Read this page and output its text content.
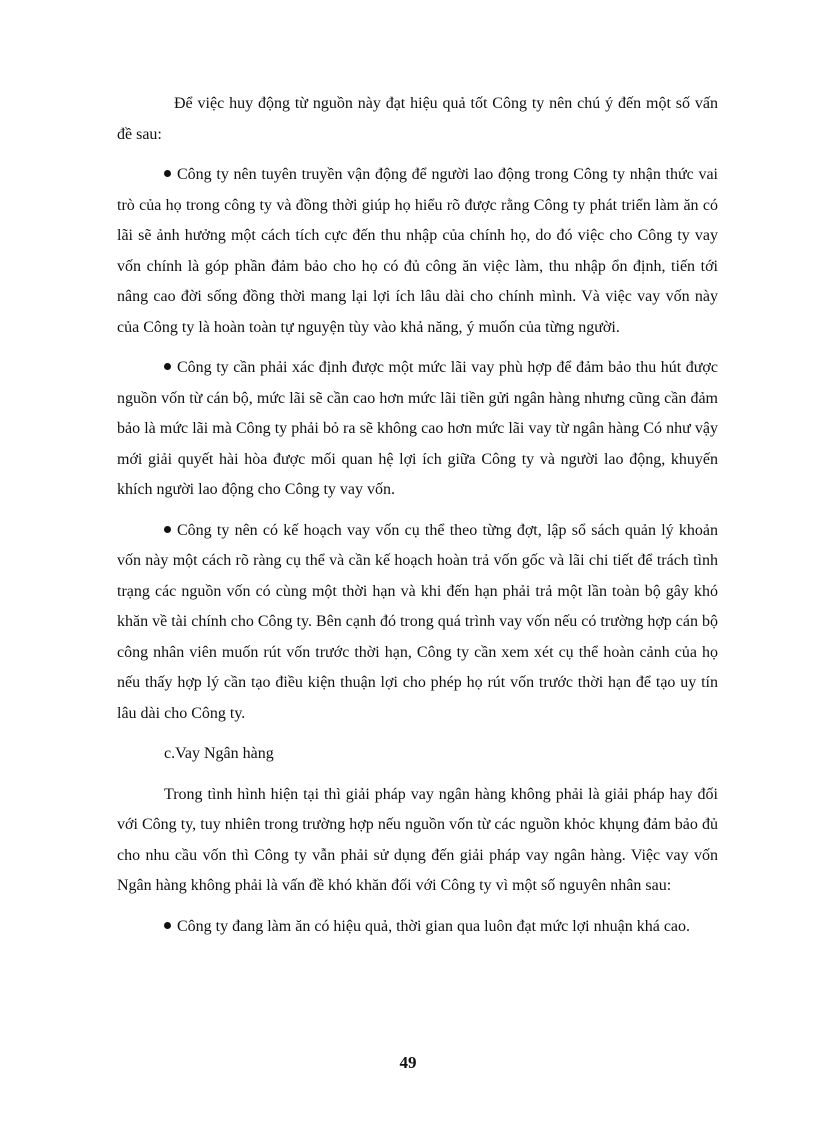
Để việc huy động từ nguồn này đạt hiệu quả tốt Công ty nên chú ý đến một số vấn đề sau:

Công ty nên tuyên truyền vận động để người lao động trong Công ty nhận thức vai trò của họ trong công ty và đồng thời giúp họ hiểu rõ được rằng Công ty phát triển làm ăn có lãi sẽ ảnh hưởng một cách tích cực đến thu nhập của chính họ, do đó việc cho Công ty vay vốn chính là góp phần đảm bảo cho họ có đủ công ăn việc làm, thu nhập ổn định, tiến tới nâng cao đời sống đồng thời mang lại lợi ích lâu dài cho chính mình. Và việc vay vốn này của Công ty là hoàn toàn tự nguyện tùy vào khả năng, ý muốn của từng người.

Công ty cần phải xác định được một mức lãi vay phù hợp để đảm bảo thu hút được nguồn vốn từ cán bộ, mức lãi sẽ cần cao hơn mức lãi tiền gửi ngân hàng nhưng cũng cần đảm bảo là mức lãi mà Công ty phải bỏ ra sẽ không cao hơn mức lãi vay từ ngân hàng Có như vậy mới giải quyết hài hòa được mối quan hệ lợi ích giữa Công ty và người lao động, khuyến khích người lao động cho Công ty vay vốn.

Công ty nên có kế hoạch vay vốn cụ thể theo từng đợt, lập sổ sách quản lý khoản vốn này một cách rõ ràng cụ thể và cần kế hoạch hoàn trả vốn gốc và lãi chi tiết để trách tình trạng các nguồn vốn có cùng một thời hạn và khi đến hạn phải trả một lần toàn bộ gây khó khăn về tài chính cho Công ty. Bên cạnh đó trong quá trình vay vốn nếu có trường hợp cán bộ công nhân viên muốn rút vốn trước thời hạn, Công ty cần xem xét cụ thể hoàn cảnh của họ nếu thấy hợp lý cần tạo điều kiện thuận lợi cho phép họ rút vốn trước thời hạn để tạo uy tín lâu dài cho Công ty.

c.Vay Ngân hàng

Trong tình hình hiện tại thì giải pháp vay ngân hàng không phải là giải pháp hay đối với Công ty, tuy nhiên trong trường hợp nếu nguồn vốn từ các nguồn khỏc khụng đảm bảo đủ cho nhu cầu vốn thì Công ty vẫn phải sử dụng đến giải pháp vay ngân hàng. Việc vay vốn Ngân hàng không phải là vấn đề khó khăn đối với Công ty vì một số nguyên nhân sau:

Công ty đang làm ăn có hiệu quả, thời gian qua luôn đạt mức lợi nhuận khá cao.

49
